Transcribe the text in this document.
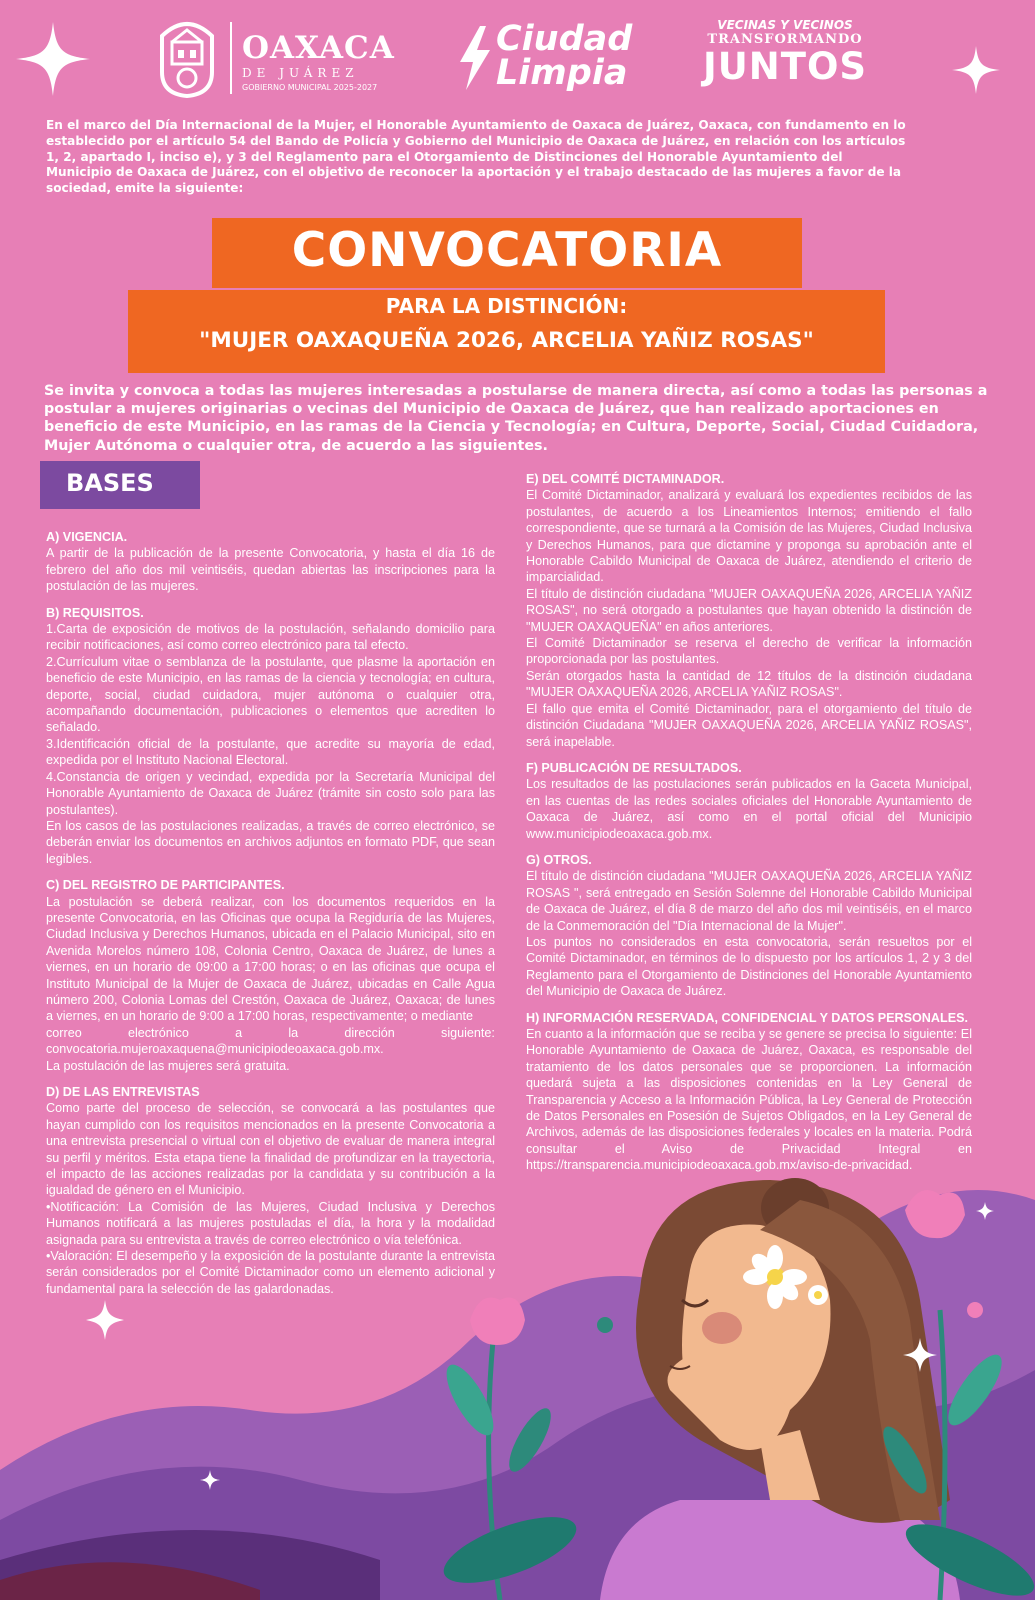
OAXACA
DE JUÁREZ
GOBIERNO MUNICIPAL 2025-2027
Ciudad
Limpia
VECINAS Y VECINOS
TRANSFORMANDO
JUNTOS
En el marco del Día Internacional de la Mujer, el Honorable Ayuntamiento de Oaxaca de Juárez, Oaxaca, con fundamento en lo establecido por el artículo 54 del Bando de Policía y Gobierno del Municipio de Oaxaca de Juárez, en relación con los artículos 1, 2, apartado I, inciso e), y 3 del Reglamento para el Otorgamiento de Distinciones del Honorable Ayuntamiento del Municipio de Oaxaca de Juárez, con el objetivo de reconocer la aportación y el trabajo destacado de las mujeres a favor de la sociedad, emite la siguiente:
CONVOCATORIA
PARA LA DISTINCIÓN:
"MUJER OAXAQUEÑA 2026, ARCELIA YAÑIZ ROSAS"
Se invita y convoca a todas las mujeres interesadas a postularse de manera directa, así como a todas las personas a postular a mujeres originarias o vecinas del Municipio de Oaxaca de Juárez, que han realizado aportaciones en beneficio de este Municipio, en las ramas de la Ciencia y Tecnología; en Cultura, Deporte, Social, Ciudad Cuidadora, Mujer Autónoma o cualquier otra, de acuerdo a las siguientes.
BASES
A) VIGENCIA.

A partir de la publicación de la presente Convocatoria, y hasta el día 16 de febrero del año dos mil veintiséis, quedan abiertas las inscripciones para la postulación de las mujeres.

B) REQUISITOS.

1.Carta de exposición de motivos de la postulación, señalando domicilio para recibir notificaciones, así como correo electrónico para tal efecto.

2.Currículum vitae o semblanza de la postulante, que plasme la aportación en beneficio de este Municipio, en las ramas de la ciencia y tecnología; en cultura, deporte, social, ciudad cuidadora, mujer autónoma o cualquier otra, acompañando documentación, publicaciones o elementos que acrediten lo señalado.

3.Identificación oficial de la postulante, que acredite su mayoría de edad, expedida por el Instituto Nacional Electoral.

4.Constancia de origen y vecindad, expedida por la Secretaría Municipal del Honorable Ayuntamiento de Oaxaca de Juárez (trámite sin costo solo para las postulantes).

En los casos de las postulaciones realizadas, a través de correo electrónico, se deberán enviar los documentos en archivos adjuntos en formato PDF, que sean legibles.

C) DEL REGISTRO DE PARTICIPANTES.

La postulación se deberá realizar, con los documentos requeridos en la presente Convocatoria, en las Oficinas que ocupa la Regiduría de las Mujeres, Ciudad Inclusiva y Derechos Humanos, ubicada en el Palacio Municipal, sito en Avenida Morelos número 108, Colonia Centro, Oaxaca de Juárez, de lunes a viernes, en un horario de 09:00 a 17:00 horas; o en las oficinas que ocupa el Instituto Municipal de la Mujer de Oaxaca de Juárez, ubicadas en Calle Agua número 200, Colonia Lomas del Crestón, Oaxaca de Juárez, Oaxaca; de lunes a viernes, en un horario de 9:00 a 17:00 horas, respectivamente; o mediante

correo	electrónico	a	la	dirección	siguiente:

convocatoria.mujeroaxaquena@municipiodeoaxaca.gob.mx.

La postulación de las mujeres será gratuita.

D) DE LAS ENTREVISTAS

Como parte del proceso de selección, se convocará a las postulantes que hayan cumplido con los requisitos mencionados en la presente Convocatoria a una entrevista presencial o virtual con el objetivo de evaluar de manera integral su perfil y méritos. Esta etapa tiene la finalidad de profundizar en la trayectoria, el impacto de las acciones realizadas por la candidata y su contribución a la igualdad de género en el Municipio.

•Notificación: La Comisión de las Mujeres, Ciudad Inclusiva y Derechos Humanos notificará a las mujeres postuladas el día, la hora y la modalidad asignada para su entrevista a través de correo electrónico o vía telefónica.

•Valoración: El desempeño y la exposición de la postulante durante la entrevista serán considerados por el Comité Dictaminador como un elemento adicional y fundamental para la selección de las galardonadas.

E) DEL COMITÉ DICTAMINADOR.

El Comité Dictaminador, analizará y evaluará los expedientes recibidos de las postulantes, de acuerdo a los Lineamientos Internos; emitiendo el fallo correspondiente, que se turnará a la Comisión de las Mujeres, Ciudad Inclusiva y Derechos Humanos, para que dictamine y proponga su aprobación ante el Honorable Cabildo Municipal de Oaxaca de Juárez, atendiendo el criterio de imparcialidad.

El título de distinción ciudadana "MUJER OAXAQUEÑA 2026, ARCELIA YAÑIZ ROSAS", no será otorgado a postulantes que hayan obtenido la distinción de "MUJER OAXAQUEÑA" en años anteriores.

El Comité Dictaminador se reserva el derecho de verificar la información proporcionada por las postulantes.

Serán otorgados hasta la cantidad de 12 títulos de la distinción ciudadana "MUJER OAXAQUEÑA 2026, ARCELIA YAÑIZ ROSAS".

El fallo que emita el Comité Dictaminador, para el otorgamiento del título de distinción Ciudadana "MUJER OAXAQUEÑA 2026, ARCELIA YAÑIZ ROSAS", será inapelable.

F) PUBLICACIÓN DE RESULTADOS.

Los resultados de las postulaciones serán publicados en la Gaceta Municipal, en las cuentas de las redes sociales oficiales del Honorable Ayuntamiento de Oaxaca de Juárez, así como en el portal oficial del Municipio www.municipiodeoaxaca.gob.mx.

G) OTROS.

El título de distinción ciudadana "MUJER OAXAQUEÑA 2026, ARCELIA YAÑIZ ROSAS ", será entregado en Sesión Solemne del Honorable Cabildo Municipal de Oaxaca de Juárez, el día 8 de marzo del año dos mil veintiséis, en el marco de la Conmemoración del "Día Internacional de la Mujer".

Los puntos no considerados en esta convocatoria, serán resueltos por el Comité Dictaminador, en términos de lo dispuesto por los artículos 1, 2 y 3 del Reglamento para el Otorgamiento de Distinciones del Honorable Ayuntamiento del Municipio de Oaxaca de Juárez.

H) INFORMACIÓN RESERVADA, CONFIDENCIAL Y DATOS PERSONALES.

En cuanto a la información que se reciba y se genere se precisa lo siguiente: El Honorable Ayuntamiento de Oaxaca de Juárez, Oaxaca, es responsable del tratamiento de los datos personales que se proporcionen. La información quedará sujeta a las disposiciones contenidas en la Ley General de Transparencia y Acceso a la Información Pública, la Ley General de Protección de Datos Personales en Posesión de Sujetos Obligados, en la Ley General de Archivos, además de las disposiciones federales y locales en la materia. Podrá consultar el Aviso de Privacidad Integral en https://transparencia.municipiodeoaxaca.gob.mx/aviso-de-privacidad.
